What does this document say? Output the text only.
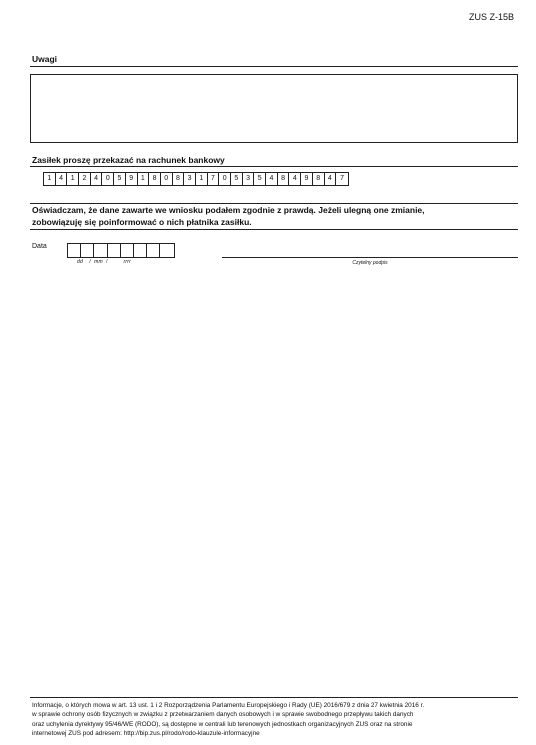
ZUS Z-15B
Uwagi
Zasiłek proszę przekazać na rachunek bankowy
1	4	1	2	4	0	5	9	1	8	0	8	3	1	7	0	5	3	5	4	8	4	9	8	4	7
Oświadczam, że dane zawarte we wniosku podałem zgodnie z prawdą. Jeżeli ulegną one zmianie,
zobowiązuję się poinformować o nich płatnika zasiłku.
Data
dd    /  mm  /          rrrr	Czytelny podpis
Informacje, o których mowa w art. 13 ust. 1 i 2 Rozporządzenia Parlamentu Europejskiego i Rady (UE) 2016/679 z dnia 27 kwietnia 2016 r.
w sprawie ochrony osób fizycznych w związku z przetwarzaniem danych osobowych i w sprawie swobodnego przepływu takich danych
oraz uchylenia dyrektywy 95/46/WE (RODO), są dostępne w centrali lub terenowych jednostkach organizacyjnych ZUS oraz na stronie
internetowej ZUS pod adresem: http://bip.zus.pl/rodo/rodo-klauzule-informacyjne
